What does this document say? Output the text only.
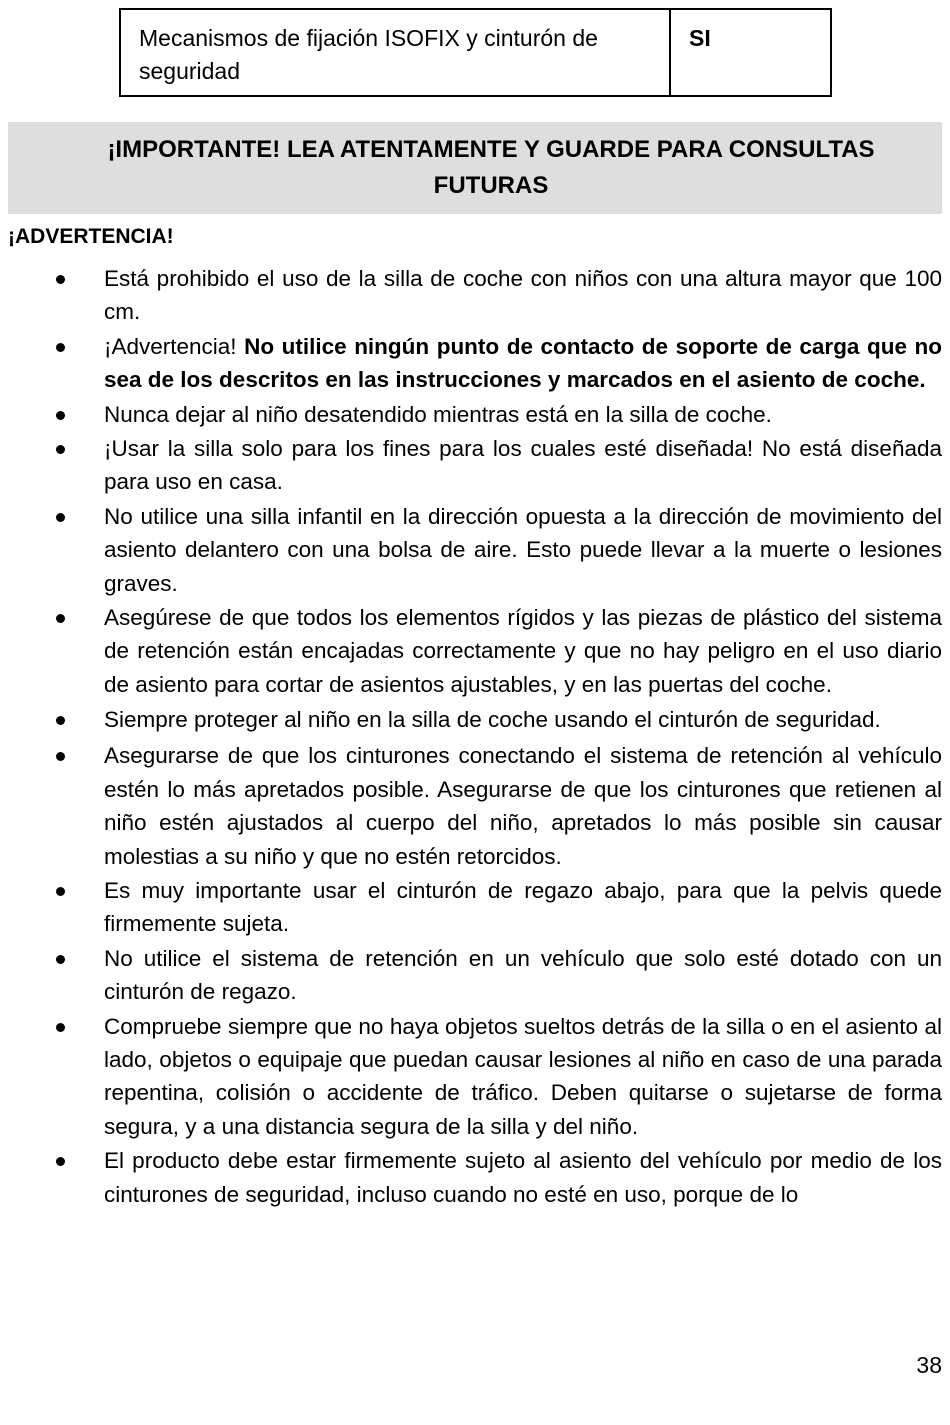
Mecanismos de fijación ISOFIX y cinturón de seguridad
SI
¡IMPORTANTE! LEA ATENTAMENTE Y GUARDE PARA CONSULTAS FUTURAS
¡ADVERTENCIA!
Está prohibido el uso de la silla de coche con niños con una altura mayor que 100 cm.
¡Advertencia! No utilice ningún punto de contacto de soporte de carga que no sea de los descritos en las instrucciones y marcados en el asiento de coche.
Nunca dejar al niño desatendido mientras está en la silla de coche.
¡Usar la silla solo para los fines para los cuales esté diseñada! No está diseñada para uso en casa.
No utilice una silla infantil en la dirección opuesta a la dirección de movimiento del asiento delantero con una bolsa de aire. Esto puede llevar a la muerte o lesiones graves.
Asegúrese de que todos los elementos rígidos y las piezas de plástico del sistema de retención están encajadas correctamente y que no hay peligro en el uso diario de asiento para cortar de asientos ajustables, y en las puertas del coche.
Siempre proteger al niño en la silla de coche usando el cinturón de seguridad.
Asegurarse de que los cinturones conectando el sistema de retención al vehículo estén lo más apretados posible. Asegurarse de que los cinturones que retienen al niño estén ajustados al cuerpo del niño, apretados lo más posible sin causar molestias a su niño y que no estén retorcidos.
Es muy importante usar el cinturón de regazo abajo, para que la pelvis quede firmemente sujeta.
No utilice el sistema de retención en un vehículo que solo esté dotado con un cinturón de regazo.
Compruebe siempre que no haya objetos sueltos detrás de la silla o en el asiento al lado, objetos o equipaje que puedan causar lesiones al niño en caso de una parada repentina, colisión o accidente de tráfico. Deben quitarse o sujetarse de forma segura, y a una distancia segura de la silla y del niño.
El producto debe estar firmemente sujeto al asiento del vehículo por medio de los cinturones de seguridad, incluso cuando no esté en uso, porque de lo
38
